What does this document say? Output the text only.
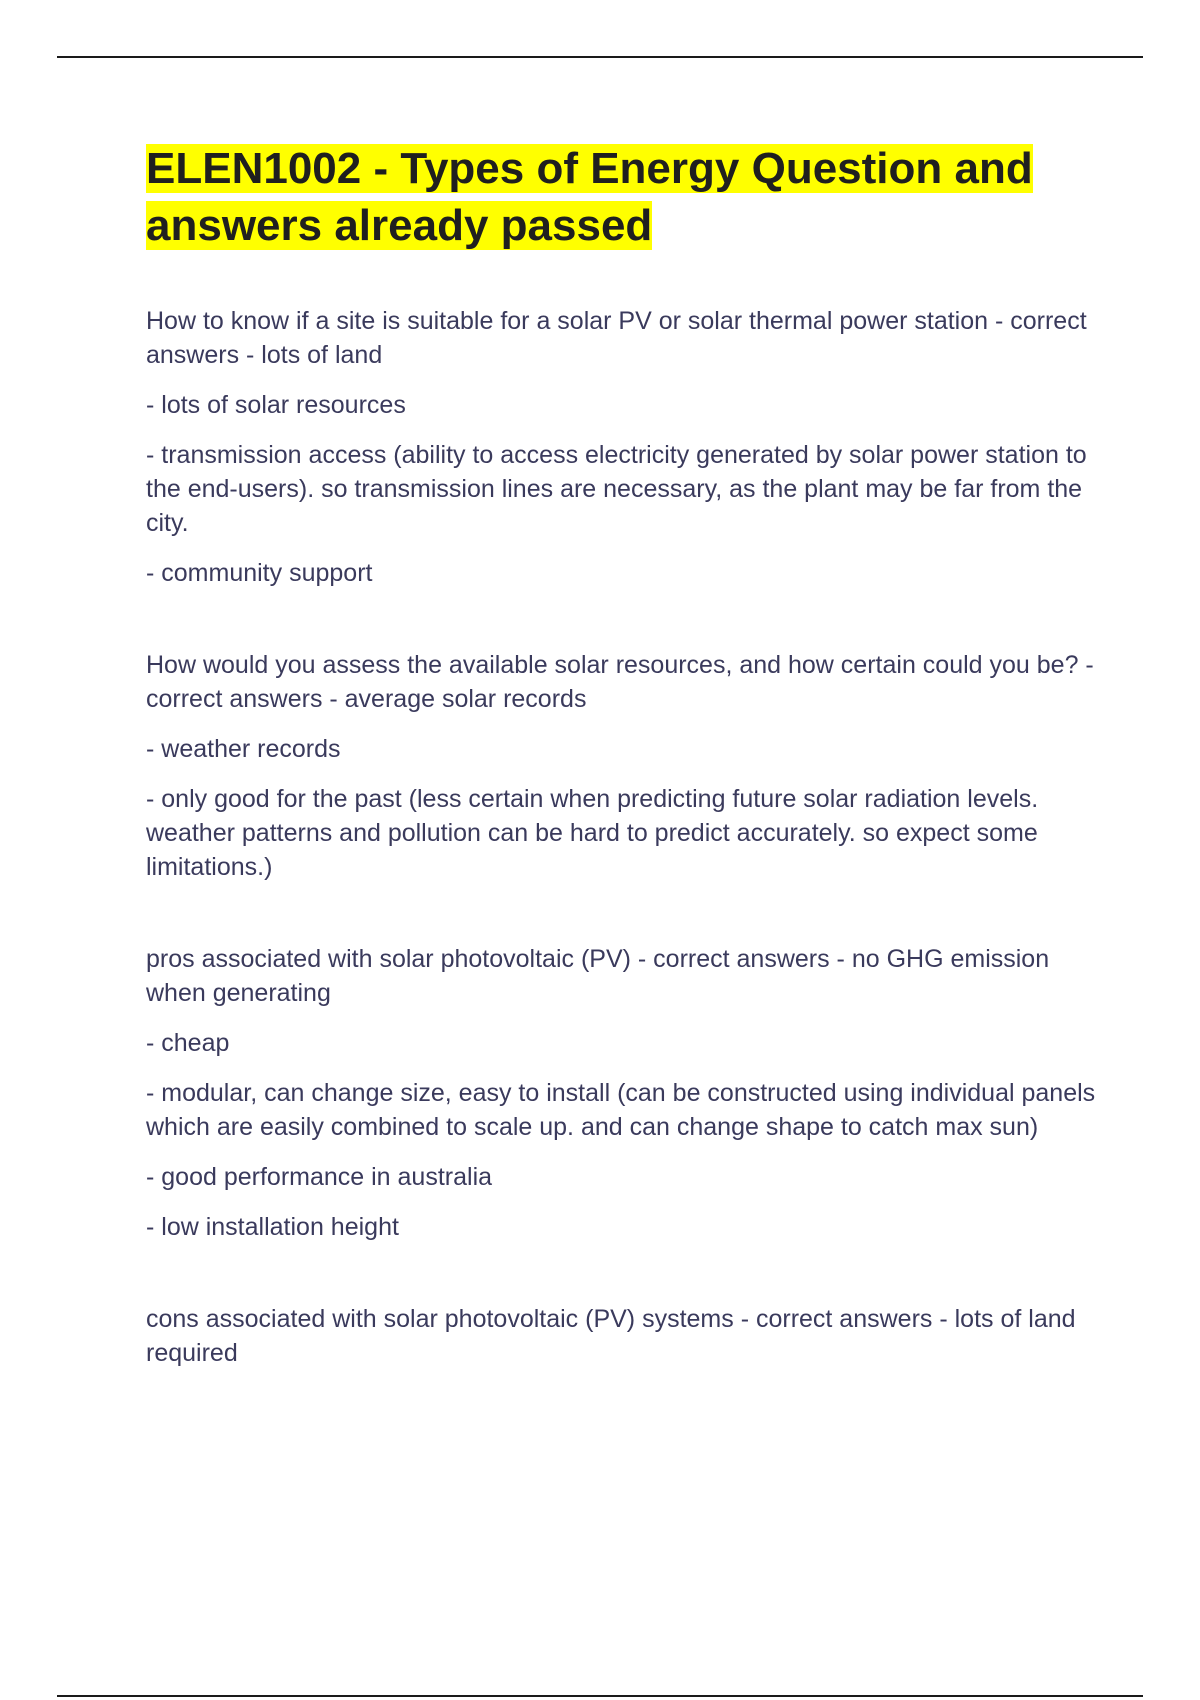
ELEN1002 - Types of Energy Question and answers already passed

How to know if a site is suitable for a solar PV or solar thermal power station - correct answers - lots of land

- lots of solar resources

- transmission access (ability to access electricity generated by solar power station to the end-users). so transmission lines are necessary, as the plant may be far from the city.

- community support

How would you assess the available solar resources, and how certain could you be? - correct answers - average solar records

- weather records

- only good for the past (less certain when predicting future solar radiation levels. weather patterns and pollution can be hard to predict accurately. so expect some limitations.)

pros associated with solar photovoltaic (PV) - correct answers - no GHG emission when generating

- cheap

- modular, can change size, easy to install (can be constructed using individual panels which are easily combined to scale up. and can change shape to catch max sun)

- good performance in australia

- low installation height

cons associated with solar photovoltaic (PV) systems - correct answers - lots of land required
